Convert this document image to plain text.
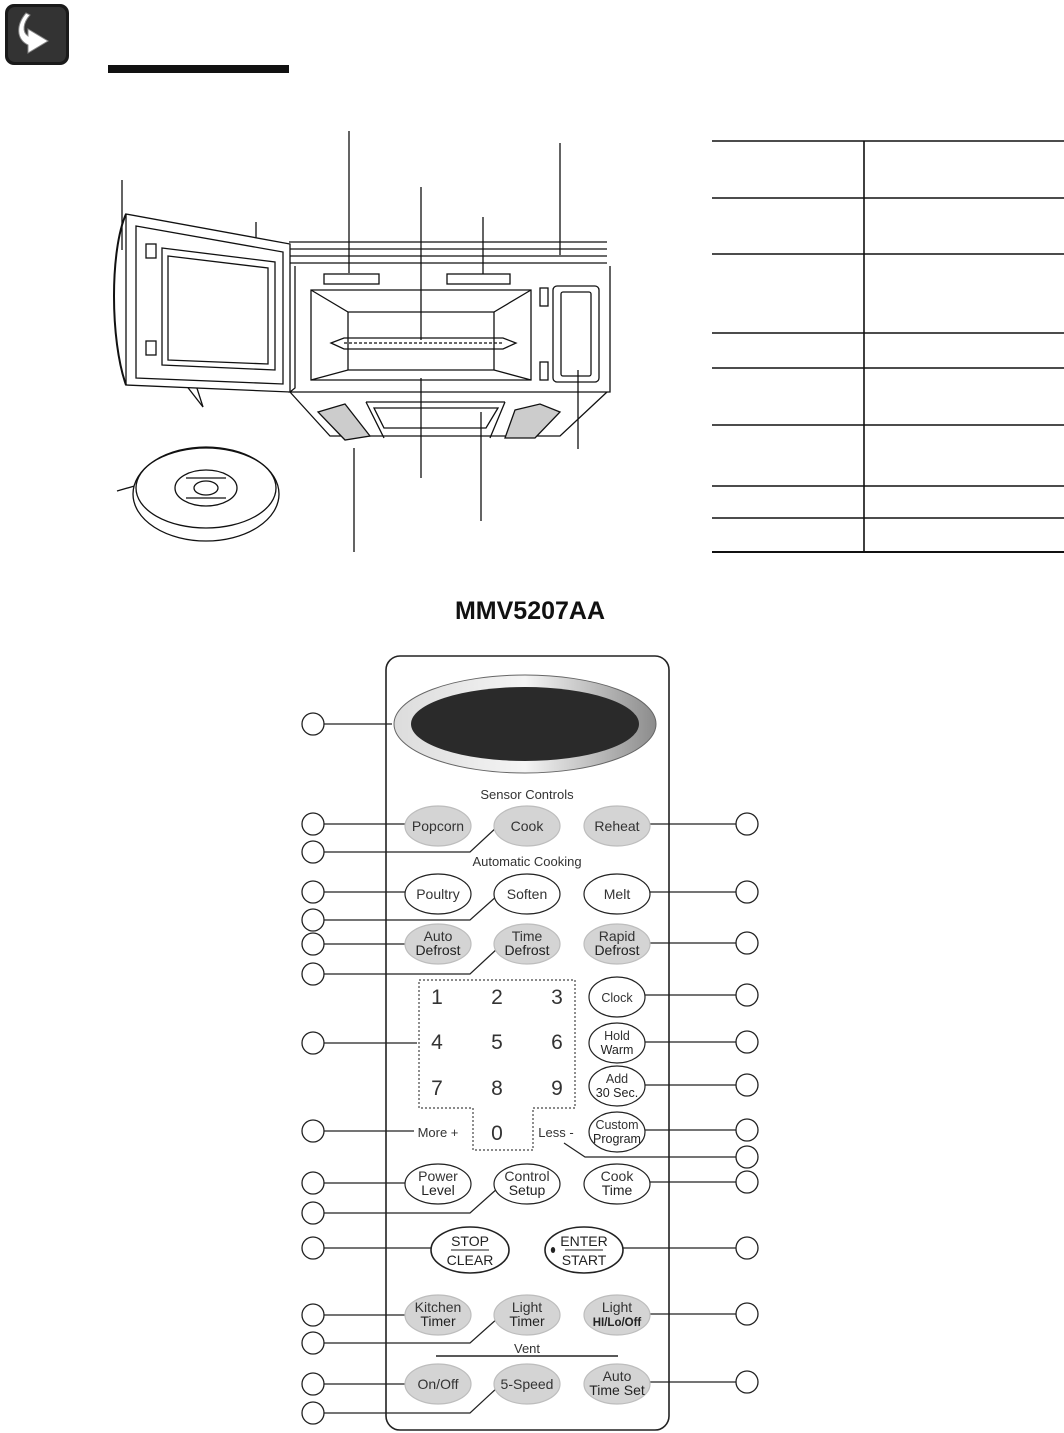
MMV5207AA
Sensor Controls
Automatic Cooking
Vent
Popcorn	Cook	Reheat
Poultry	Soften	Melt
Auto
Defrost
Time
Defrost
Rapid
Defrost
Clock
Hold
Warm
Add
30 Sec.
Custom
Program
Power
Level
Control
Setup
Cook
Time
Kitchen
Timer
Light
Timer
Light
HI/Lo/Off
On/Off	5-Speed	Auto
Time Set
STOP
CLEAR
ENTER
START
1 2 3
4 5 6
7 8 9
0
More +	Less -
